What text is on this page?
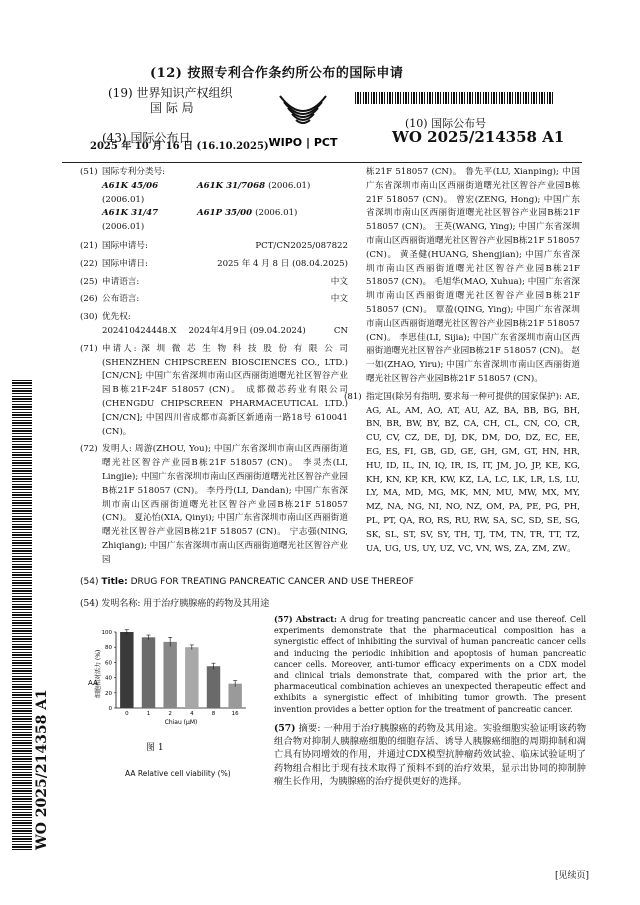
(12) 按照专利合作条约所公布的国际申请
(19) 世界知识产权组织

国 际 局

(43) 国际公布日
2025 年 10 月 16 日 (16.10.2025) WIPO | PCT
(10) 国际公布号
WO 2025/214358 A1
(51) 国际专利分类号:
A61K 45/06 (2006.01)
A61K 31/7068 (2006.01)
A61K 31/47 (2006.01)
A61P 35/00 (2006.01)
(21) 国际申请号:	PCT/CN2025/087822
(22) 国际申请日:	2025 年 4 月 8 日 (08.04.2025)
(25) 申请语言:	中文
(26) 公布语言:	中文
(30) 优先权:
202410424448.X 2024年4月9日 (09.04.2024)	CN
(71) 申请人: 深 圳 微 芯 生 物 科 技 股 份 有 限 公 司 (SHENZHEN CHIPSCREEN BIOSCIENCES CO., LTD.) [CN/CN]; 中国广东省深圳市南山区西丽街道曙光社区智谷产业园B栋21F-24F 518057 (CN)。 成都微芯药业有限公司(CHENGDU CHIPSCREEN PHARMACEUTICAL LTD.) [CN/CN]; 中国四川省成都市高新区新通南一路18号 610041 (CN)。
(72) 发明人: 周游(ZHOU, You); 中国广东省深圳市南山区西丽街道曙光社区智谷产业园B栋21F 518057 (CN)。 李灵杰(LI, Lingjie); 中国广东省深圳市南山区西丽街道曙光社区智谷产业园B栋21F 518057 (CN)。 李丹丹(LI, Dandan); 中国广东省深圳市南山区西丽街道曙光社区智谷产业园B栋21F 518057 (CN)。 夏沁怡(XIA, Qinyi); 中国广东省深圳市南山区西丽街道曙光社区智谷产业园B栋21F 518057 (CN)。 宁志强(NING, Zhiqiang); 中国广东省深圳市南山区西丽街道曙光社区智谷产业园
栋21F 518057 (CN)。 鲁先平(LU, Xianping); 中国广东省深圳市南山区西丽街道曙光社区智谷产业园B栋21F 518057 (CN)。 曾宏(ZENG, Hong); 中国广东省深圳市南山区西丽街道曙光社区智谷产业园B栋21F 518057 (CN)。 王英(WANG, Ying); 中国广东省深圳市南山区西丽街道曙光社区智谷产业园B栋21F 518057 (CN)。 黄圣健(HUANG, Shengjian); 中国广东省深圳市南山区西丽街道曙光社区智谷产业园B栋21F 518057 (CN)。 毛旭华(MAO, Xuhua); 中国广东省深圳市南山区西丽街道曙光社区智谷产业园B栋21F 518057 (CN)。 覃盈(QING, Ying); 中国广东省深圳市南山区西丽街道曙光社区智谷产业园B栋21F 518057 (CN)。 李思佳(LI, Sijia); 中国广东省深圳市南山区西丽街道曙光社区智谷产业园B栋21F 518057 (CN)。 赵一如(ZHAO, Yiru); 中国广东省深圳市南山区西丽街道曙光社区智谷产业园B栋21F 518057 (CN)。
(81) 指定国(除另有指明, 要求每一种可提供的国家保护): AE, AG, AL, AM, AO, AT, AU, AZ, BA, BB, BG, BH, BN, BR, BW, BY, BZ, CA, CH, CL, CN, CO, CR, CU, CV, CZ, DE, DJ, DK, DM, DO, DZ, EC, EE, EG, ES, FI, GB, GD, GE, GH, GM, GT, HN, HR, HU, ID, IL, IN, IQ, IR, IS, IT, JM, JO, JP, KE, KG, KH, KN, KP, KR, KW, KZ, LA, LC, LK, LR, LS, LU, LY, MA, MD, MG, MK, MN, MU, MW, MX, MY, MZ, NA, NG, NI, NO, NZ, OM, PA, PE, PG, PH, PL, PT, QA, RO, RS, RU, RW, SA, SC, SD, SE, SG, SK, SL, ST, SV, SY, TH, TJ, TM, TN, TR, TT, TZ, UA, UG, US, UY, UZ, VC, VN, WS, ZA, ZM, ZW。
(54) Title: DRUG FOR TREATING PANCREATIC CANCER AND USE THEREOF
(54) 发明名称: 用于治疗胰腺癌的药物及其用途
AA
细胞相对活力 (%)
Chiau (μM)
0
20
40
60
80
100
0	1	2	4	8	16
图 1
AA Relative cell viability (%)
(57) Abstract: A drug for treating pancreatic cancer and use thereof. Cell experiments demonstrate that the pharmaceutical composition has a synergistic effect of inhibiting the survival of human pancreatic cancer cells and inducing the periodic inhibition and apoptosis of human pancreatic cancer cells. Moreover, anti-tumor efficacy experiments on a CDX model and clinical trials demonstrate that, compared with the prior art, the pharmaceutical combination achieves an unexpected therapeutic effect and exhibits a synergistic effect of inhibiting tumor growth. The present invention provides a better option for the treatment of pancreatic cancer.
(57) 摘要: 一种用于治疗胰腺癌的药物及其用途。实验细胞实验证明该药物组合物对抑制人胰腺癌细胞的细胞存活、诱导人胰腺癌细胞的周期抑制和凋亡具有协同增效的作用，并通过CDX模型抗肿瘤药效试验、临床试验证明了药物组合相比于现有技术取得了预料不到的治疗效果，显示出协同的抑制肿瘤生长作用，为胰腺癌的治疗提供更好的选择。
WO 2025/214358 A1
[见续页]
